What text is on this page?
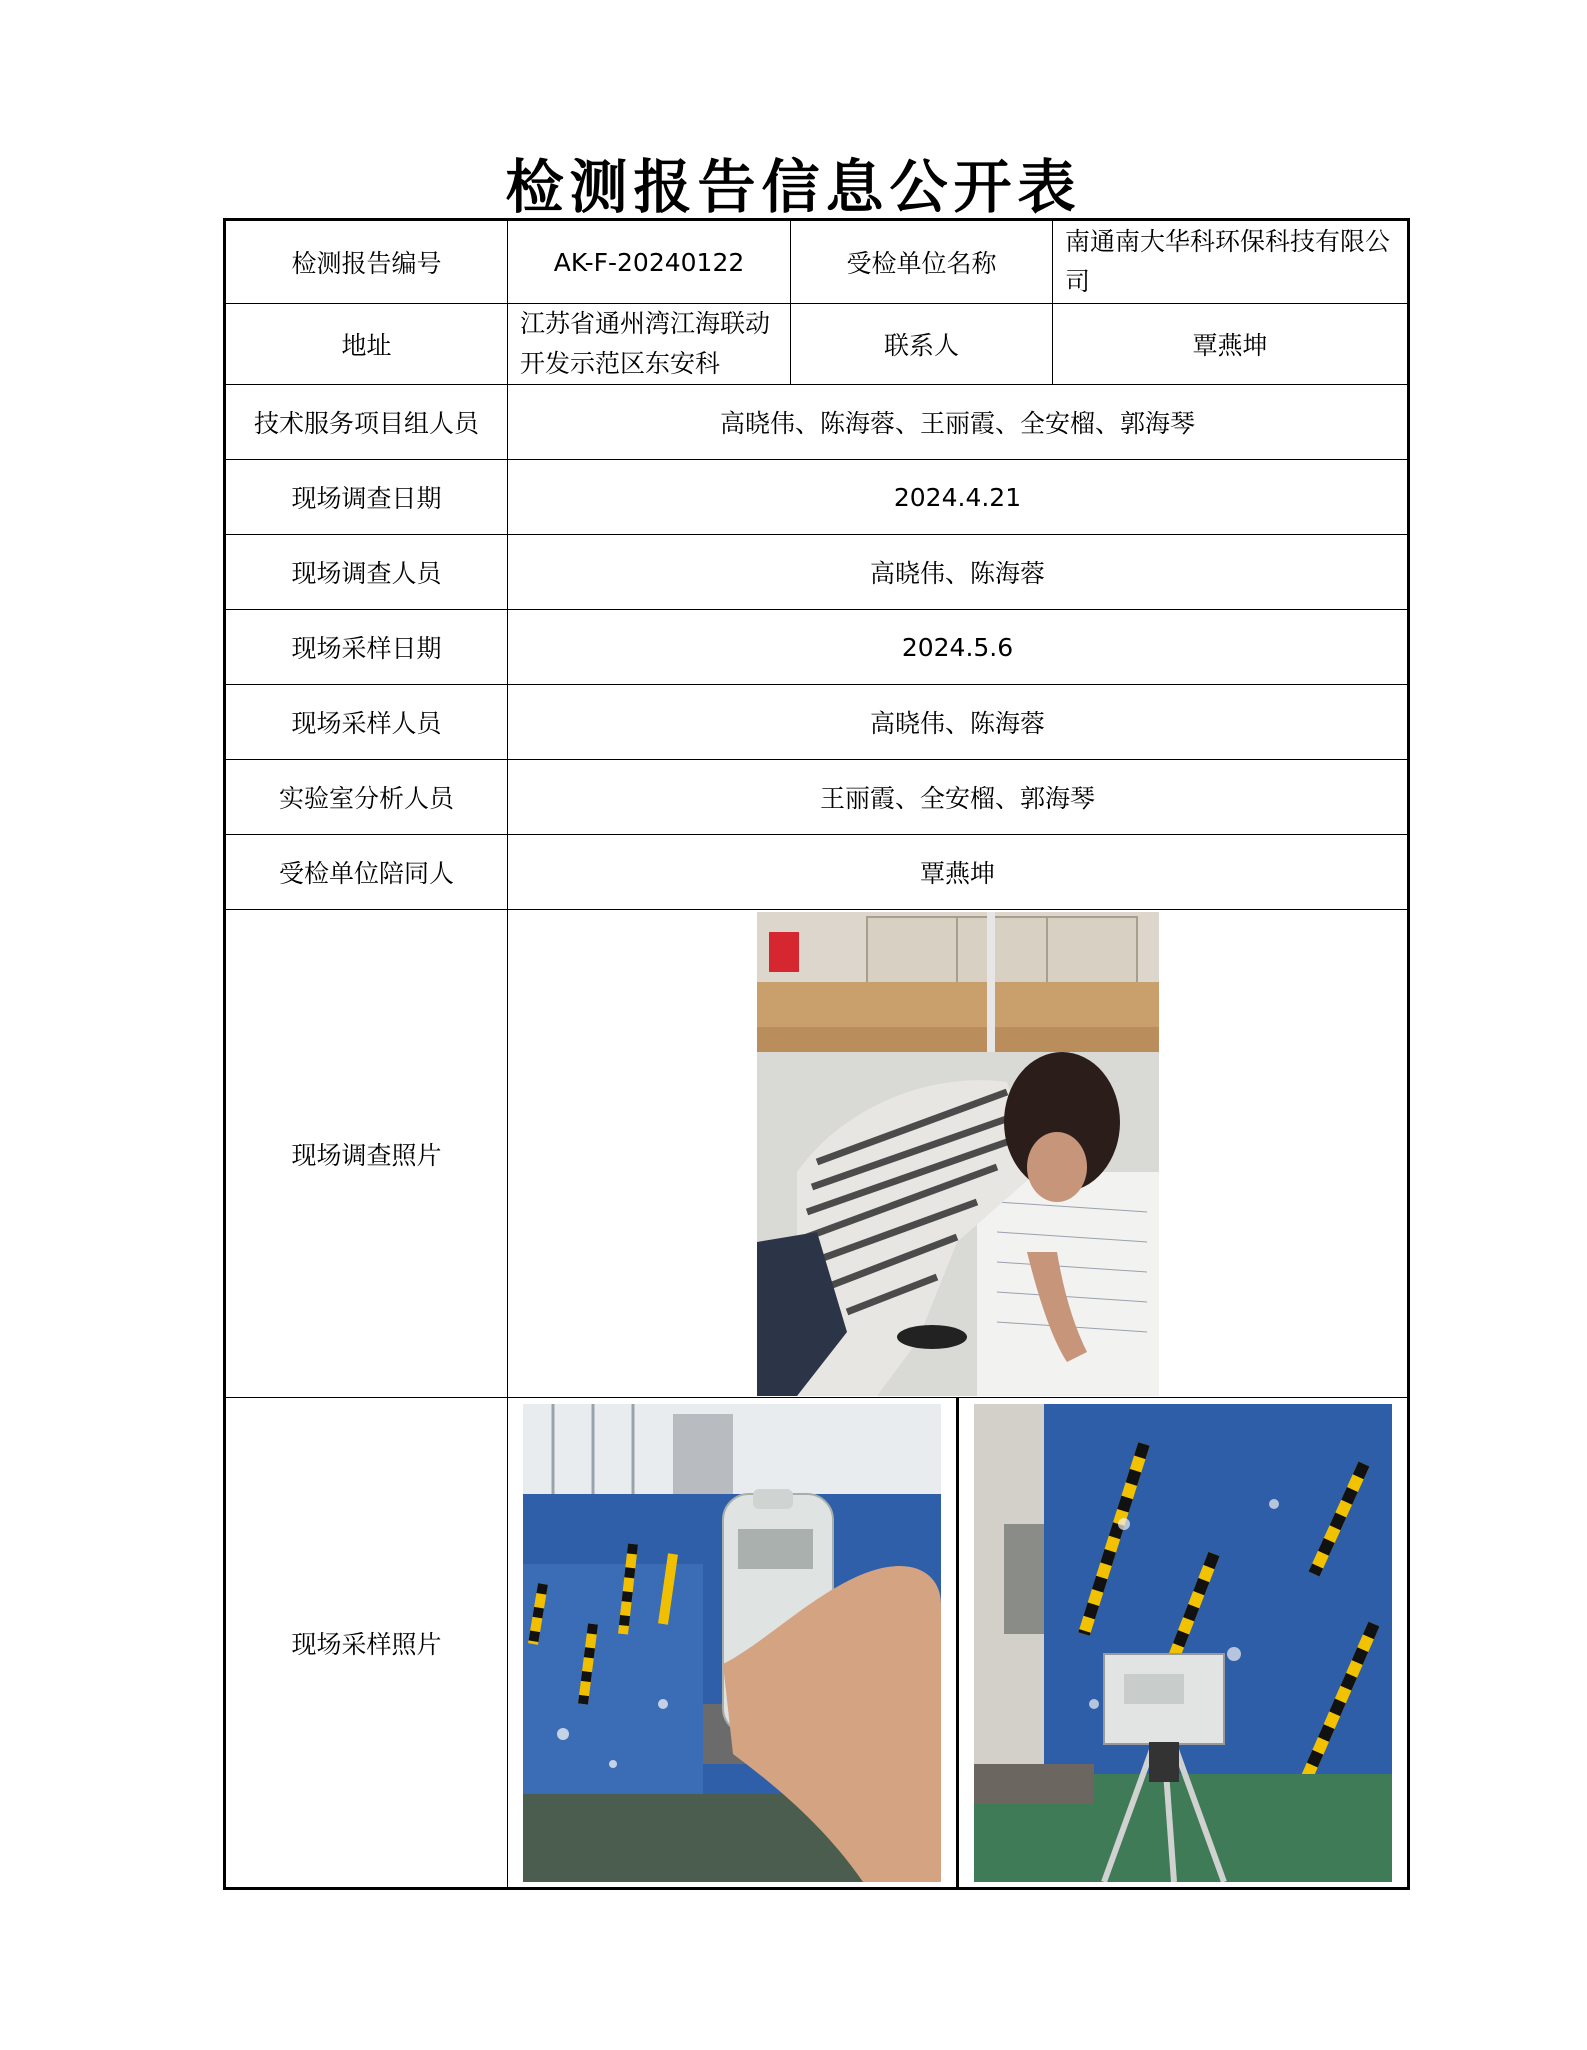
检测报告信息公开表
检测报告编号	AK-F-20240122	受检单位名称	南通南大华科环保科技有限公司
地址	江苏省通州湾江海联动开发示范区东安科	联系人	覃燕坤
技术服务项目组人员	高晓伟、陈海蓉、王丽霞、全安榴、郭海琴		
现场调查日期	2024.4.21		
现场调查人员	高晓伟、陈海蓉		
现场采样日期	2024.5.6		
现场采样人员	高晓伟、陈海蓉		
实验室分析人员	王丽霞、全安榴、郭海琴		
受检单位陪同人	覃燕坤		
现场调查照片	

现场采样照片	
